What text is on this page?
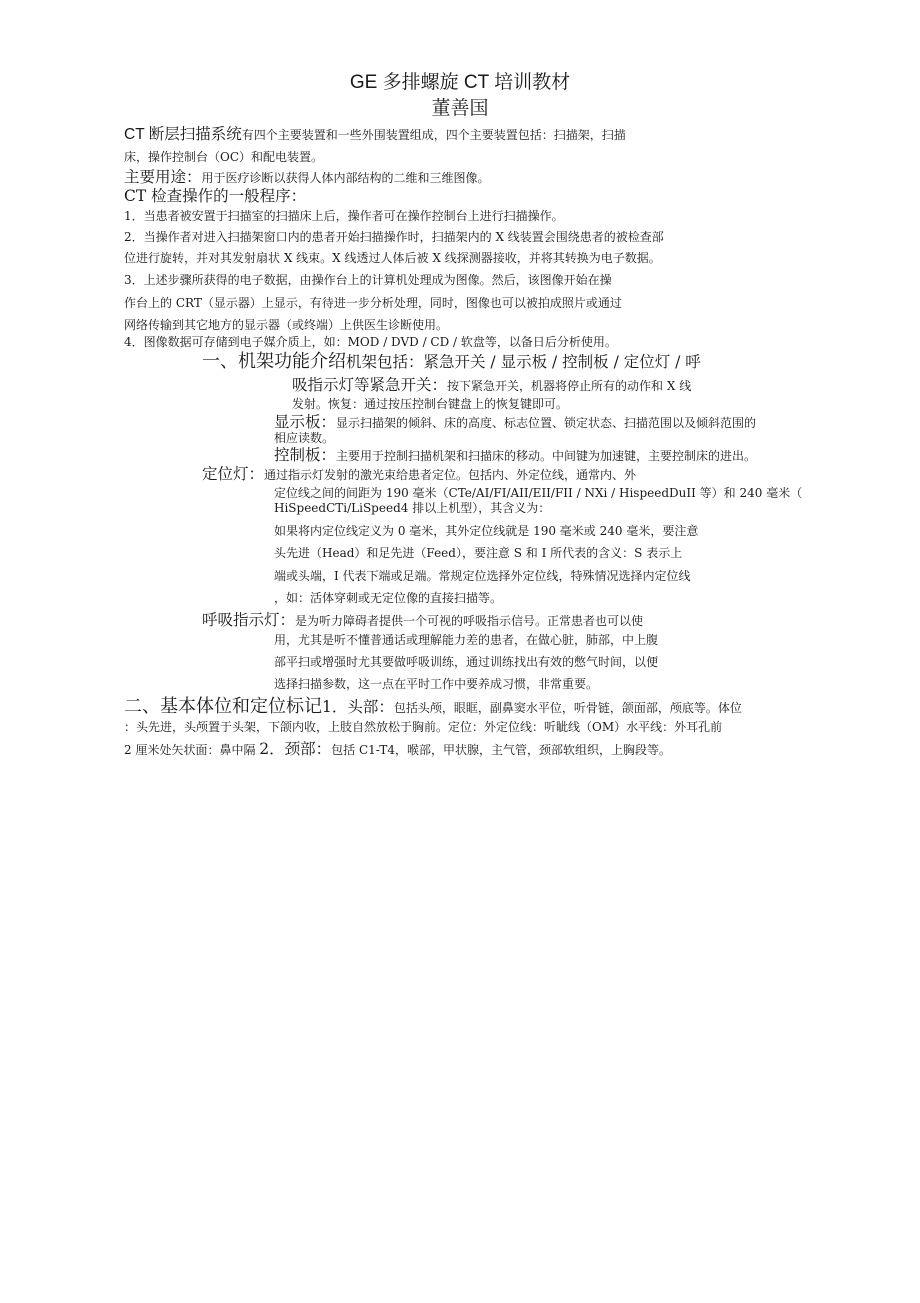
GE 多排螺旋 CT 培训教材
董善国
CT 断层扫描系统有四个主要装置和一些外围装置组成，四个主要装置包括：扫描架，扫描
床，操作控制台（OC）和配电装置。
主要用途：用于医疗诊断以获得人体内部结构的二维和三维图像。
CT 检查操作的一般程序：
1．当患者被安置于扫描室的扫描床上后，操作者可在操作控制台上进行扫描操作。
2．当操作者对进入扫描架窗口内的患者开始扫描操作时，扫描架内的 X 线装置会围绕患者的被检查部
位进行旋转，并对其发射扇状 X 线束。X 线透过人体后被 X 线探测器接收，并将其转换为电子数据。
3．上述步骤所获得的电子数据，由操作台上的计算机处理成为图像。然后，该图像开始在操
作台上的 CRT（显示器）上显示，有待进一步分析处理，同时，图像也可以被拍成照片或通过
网络传输到其它地方的显示器（或终端）上供医生诊断使用。
4．图像数据可存储到电子媒介质上，如：MOD / DVD / CD / 软盘等，以备日后分析使用。
一、机架功能介绍机架包括：紧急开关 / 显示板 / 控制板 / 定位灯 / 呼
吸指示灯等紧急开关：按下紧急开关，机器将停止所有的动作和 X 线
发射。恢复：通过按压控制台键盘上的恢复键即可。
显示板：显示扫描架的倾斜、床的高度、标志位置、锁定状态、扫描范围以及倾斜范围的
相应读数。
控制板：主要用于控制扫描机架和扫描床的移动。中间键为加速键，主要控制床的进出。
定位灯：通过指示灯发射的激光束给患者定位。包括内、外定位线，通常内、外
定位线之间的间距为 190 毫米（CTe/AI/FI/AII/EII/FII / NXi / HispeedDuII 等）和 240 毫米（
HiSpeedCTi/LiSpeed4 排以上机型），其含义为：
如果将内定位线定义为 0 毫米，其外定位线就是 190 毫米或 240 毫米，要注意
头先进（Head）和足先进（Feed），要注意 S 和 I 所代表的含义：S 表示上
端或头端，I 代表下端或足端。常规定位选择外定位线，特殊情况选择内定位线
，如：活体穿刺或无定位像的直接扫描等。
呼吸指示灯：是为听力障碍者提供一个可视的呼吸指示信号。正常患者也可以使
用，尤其是听不懂普通话或理解能力差的患者，在做心脏，肺部，中上腹
部平扫或增强时尤其要做呼吸训练，通过训练找出有效的憋气时间，以便
选择扫描参数，这一点在平时工作中要养成习惯，非常重要。
二、基本体位和定位标记1．头部：包括头颅，眼眶，副鼻窦水平位，听骨链，颌面部，颅底等。体位
：头先进，头颅置于头架，下颌内收，上肢自然放松于胸前。定位：外定位线：听眦线（OM）水平线：外耳孔前
2 厘米处矢状面：鼻中隔 2．颈部：包括 C1-T4，喉部，甲状腺，主气管，颈部软组织，上胸段等。
